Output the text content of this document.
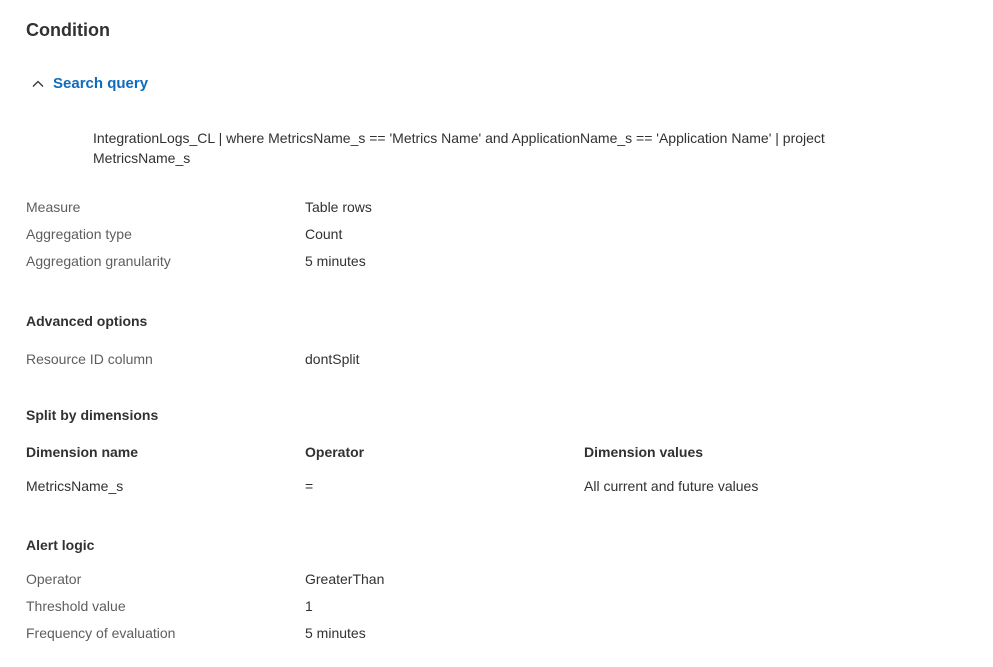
Condition
Search query
IntegrationLogs_CL | where MetricsName_s == 'Metrics Name' and ApplicationName_s == 'Application Name' | project MetricsName_s
Measure	Table rows
Aggregation type	Count
Aggregation granularity	5 minutes
Advanced options
Resource ID column	dontSplit
Split by dimensions
Dimension name	Operator	Dimension values
MetricsName_s	=	All current and future values
Alert logic
Operator	GreaterThan
Threshold value	1
Frequency of evaluation	5 minutes
